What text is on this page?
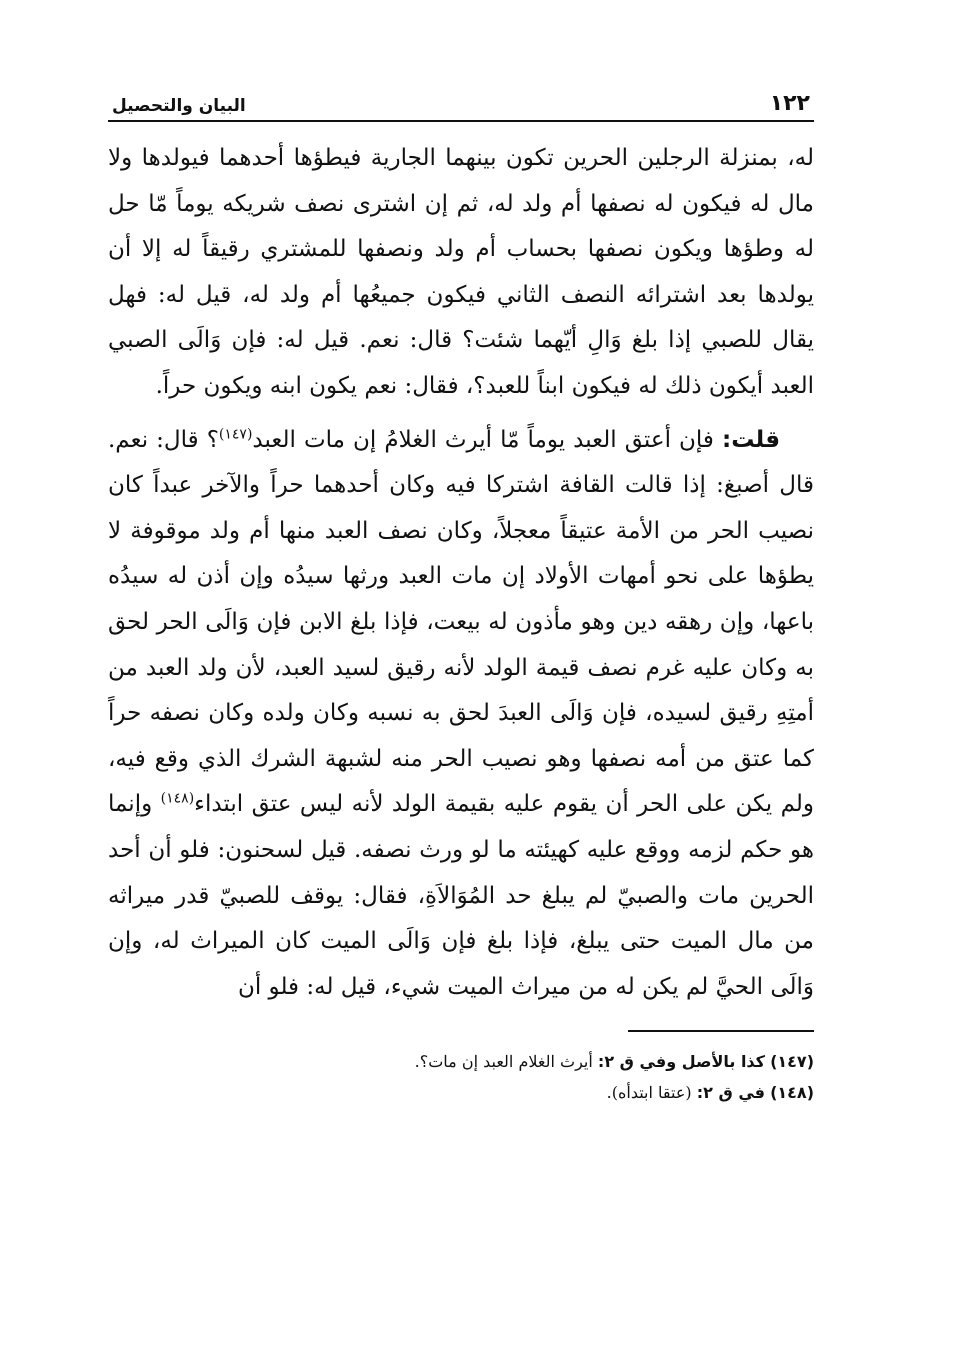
١٢٢
البيان والتحصيل

له، بمنزلة الرجلين الحرين تكون بينهما الجارية فيطؤها أحدهما فيولدها ولا مال له فيكون له نصفها أم ولد له، ثم إن اشترى نصف شريكه يوماً مّا حل له وطؤها ويكون نصفها بحساب أم ولد ونصفها للمشتري رقيقاً له إلا أن يولدها بعد اشترائه النصف الثاني فيكون جميعُها أم ولد له، قيل له: فهل يقال للصبي إذا بلغ وَالِ أيّهما شئت؟ قال: نعم. قيل له: فإن وَالَى الصبي العبد أيكون ذلك له فيكون ابناً للعبد؟، فقال: نعم يكون ابنه ويكون حراً.

قلت: فإن أعتق العبد يوماً مّا أيرث الغلامُ إن مات العبد$^{(١٤٧)}$؟ قال: نعم. قال أصبغ: إذا قالت القافة اشتركا فيه وكان أحدهما حراً والآخر عبداً كان نصيب الحر من الأمة عتيقاً معجلاً، وكان نصف العبد منها أم ولد موقوفة لا يطؤها على نحو أمهات الأولاد إن مات العبد ورثها سيدُه وإن أذن له سيدُه باعها، وإن رهقه دين وهو مأذون له بيعت، فإذا بلغ الابن فإن وَالَى الحر لحق به وكان عليه غرم نصف قيمة الولد لأنه رقيق لسيد العبد، لأن ولد العبد من أمتِهِ رقيق لسيده، فإن وَالَى العبدَ لحق به نسبه وكان ولده وكان نصفه حراً كما عتق من أمه نصفها وهو نصيب الحر منه لشبهة الشرك الذي وقع فيه، ولم يكن على الحر أن يقوم عليه بقيمة الولد لأنه ليس عتق ابتداء$^{(١٤٨)}$ وإنما هو حكم لزمه ووقع عليه كهيئته ما لو ورث نصفه. قيل لسحنون: فلو أن أحد الحرين مات والصبيّ لم يبلغ حد المُوَالاَةِ، فقال: يوقف للصبيّ قدر ميراثه من مال الميت حتى يبلغ، فإذا بلغ فإن وَالَى الميت كان الميراث له، وإن وَالَى الحيَّ لم يكن له من ميراث الميت شيء، قيل له: فلو أن

(١٤٧) كذا بالأصل وفي ق ٢: أيرث الغلام العبد إن مات؟.

(١٤٨) في ق ٢: (عتقا ابتدأه).
